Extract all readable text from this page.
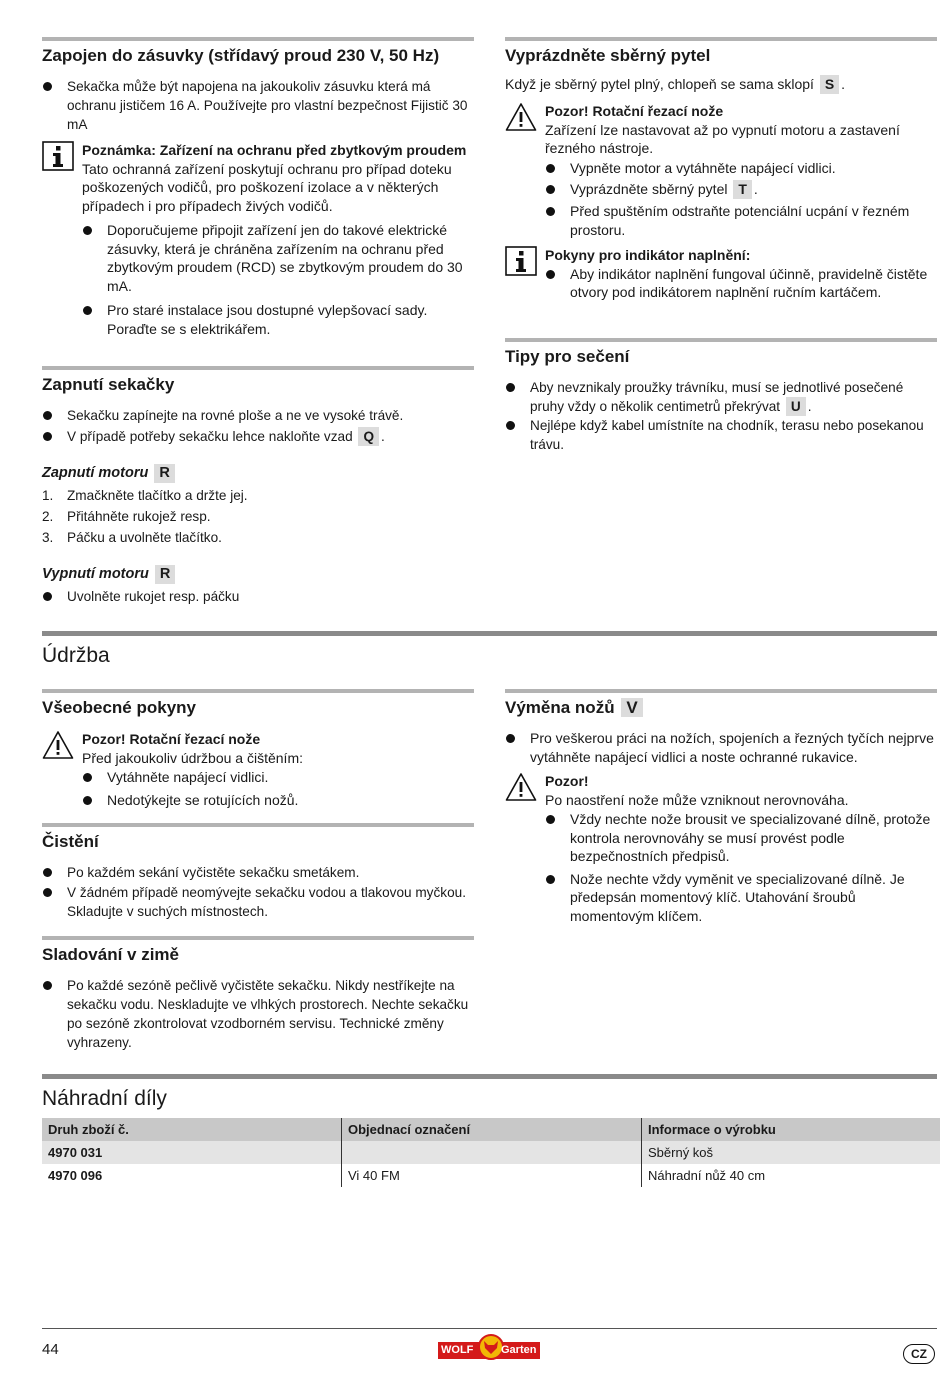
Zapojen do zásuvky (střídavý proud 230 V, 50 Hz)
Sekačka může být napojena na jakoukoliv zásuvku která má ochranu jističem 16 A. Používejte pro vlastní bezpečnost Fijistič 30 mA
Poznámka: Zařízení na ochranu před zbytkovým proudem
Tato ochranná zařízení poskytují ochranu pro případ doteku poškozených vodičů, pro poškození izolace a v některých případech i pro případech živých vodičů.
Doporučujeme připojit zařízení jen do takové elektrické zásuvky, která je chráněna zařízením na ochranu před zbytkovým proudem (RCD) se zbytkovým proudem do 30 mA.
Pro staré instalace jsou dostupné vylepšovací sady. Poraďte se s elektrikářem.
Zapnutí sekačky
Sekačku zapínejte na rovné ploše a ne ve vysoké trávě.
V případě potřeby sekačku lehce nakloňte vzad Q .
Zapnutí motoru R
1. Zmačkněte tlačítko a držte jej.
2. Přitáhněte rukojež resp.
3. Páčku a uvolněte tlačítko.
Vypnutí motoru R
Uvolněte rukojet resp. páčku
Vyprázdněte sběrný pytel
Když je sběrný pytel plný, chlopeň se sama sklopí S .
Pozor! Rotační řezací nože
Zařízení lze nastavovat až po vypnutí motoru a zastavení řezného nástroje.
Vypněte motor a vytáhněte napájecí vidlici.
Vyprázdněte sběrný pytel T .
Před spuštěním odstraňte potenciální ucpání v řezném prostoru.
Pokyny pro indikátor naplnění:
Aby indikátor naplnění fungoval účinně, pravidelně čistěte otvory pod indikátorem naplnění ručním kartáčem.
Tipy pro sečení
Aby nevznikaly proužky trávníku, musí se jednotlivé posečené pruhy vždy o několik centimetrů překrývat U .
Nejlépe když kabel umístníte na chodník, terasu nebo posekanou trávu.
Údržba
Všeobecné pokyny
Pozor! Rotační řezací nože
Před jakoukoliv údržbou a čištěním:
Vytáhněte napájecí vidlici.
Nedotýkejte se rotujících nožů.
Čistění
Po každém sekání vyčistěte sekačku smetákem.
V žádném případě neomývejte sekačku vodou a tlakovou myčkou. Skladujte v suchých místnostech.
Sladování v zimě
Po každé sezóně pečlivě vyčistěte sekačku. Nikdy nestříkejte na sekačku vodu. Neskladujte ve vlhkých prostorech. Nechte sekačku po sezóně zkontrolovat vzodborném servisu. Technické změny vyhrazeny.
Výměna nožů V
Pro veškerou práci na nožích, spojeních a řezných tyčích nejprve vytáhněte napájecí vidlici a noste ochranné rukavice.
Pozor!
Po naostření nože může vzniknout nerovnováha.
Vždy nechte nože brousit ve specializované dílně, protože kontrola nerovnováhy se musí provést podle bezpečnostních předpisů.
Nože nechte vždy vyměnit ve specializované dílně. Je předepsán momentový klíč. Utahování šroubů momentovým klíčem.
Náhradní díly
Druh zboží č.	Objednací označení	Informace o výrobku
4970 031		Sběrný koš
4970 096	Vi 40 FM	Náhradní nůž 40 cm
44	WOLF	Garten	CZ
